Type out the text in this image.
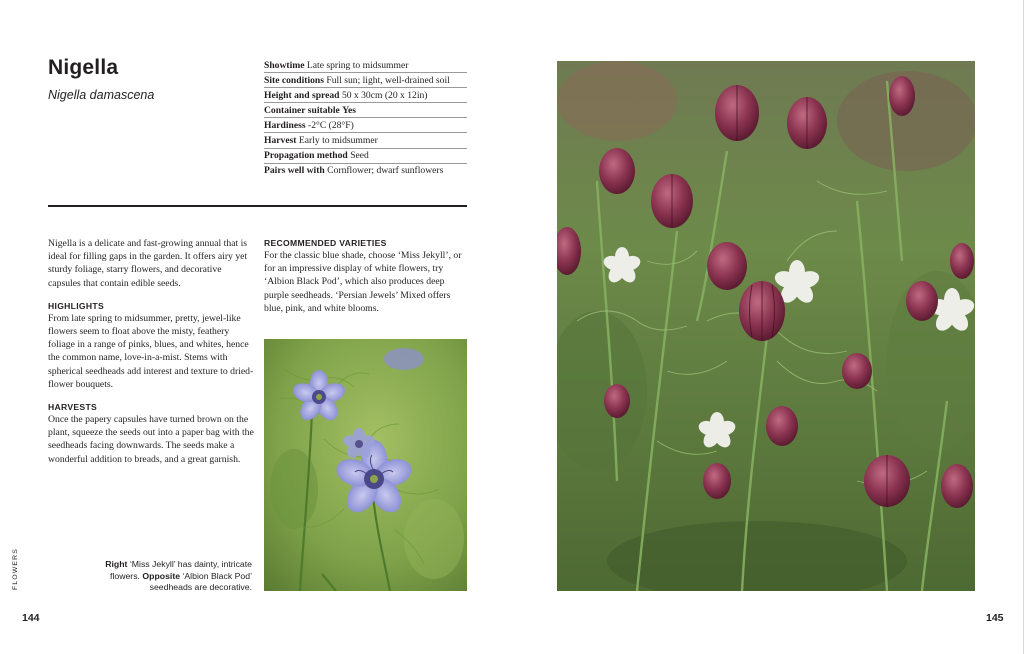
Nigella
Nigella damascena
Showtime Late spring to midsummer
Site conditions Full sun; light, well-drained soil
Height and spread 50 x 30cm (20 x 12in)
Container suitable Yes
Hardiness -2°C (28°F)
Harvest Early to midsummer
Propagation method Seed
Pairs well with Cornflower; dwarf sunflowers

Nigella is a delicate and fast-growing annual that is ideal for filling gaps in the garden. It offers airy yet sturdy foliage, starry flowers, and decorative capsules that contain edible seeds.

HIGHLIGHTS

From late spring to midsummer, pretty, jewel-like flowers seem to float above the misty, feathery foliage in a range of pinks, blues, and whites, hence the common name, love-in-a-mist. Stems with spherical seedheads add interest and texture to dried-flower bouquets.

HARVESTS

Once the papery capsules have turned brown on the plant, squeeze the seeds out into a paper bag with the seedheads facing downwards. The seeds make a wonderful addition to breads, and a great garnish.

RECOMMENDED VARIETIES

For the classic blue shade, choose ‘Miss Jekyll’, or for an impressive display of white flowers, try ‘Albion Black Pod’, which also produces deep purple seedheads. ‘Persian Jewels’ Mixed offers blue, pink, and white blooms.

Right ‘Miss Jekyll’ has dainty, intricate flowers. Opposite ‘Albion Black Pod’ seedheads are decorative.
FLOWERS
144	145
